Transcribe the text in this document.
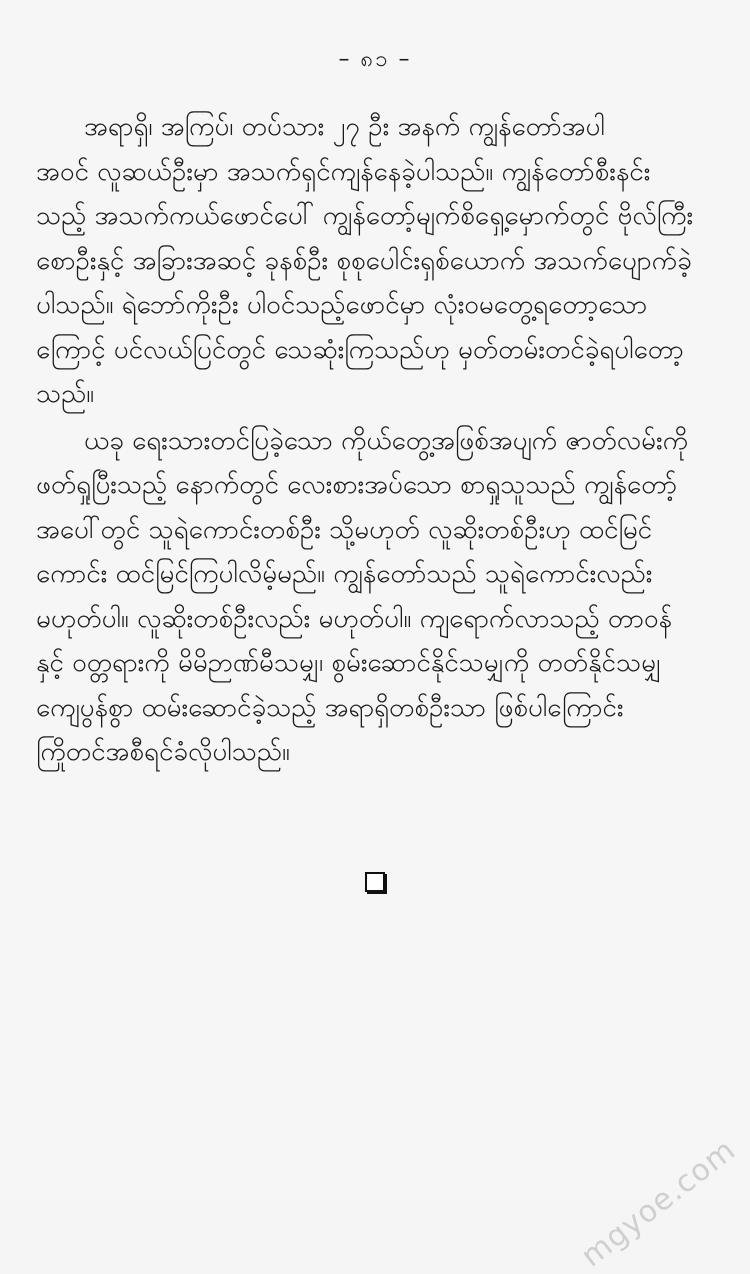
– ၈၁ –
အရာရှိ၊ အကြပ်၊ တပ်သား ၂၇ ဦး အနက် ကျွန်တော်အပါ
အဝင် လူဆယ်ဦးမှာ အသက်ရှင်ကျန်နေခဲ့ပါသည်။ ကျွန်တော်စီးနင်း
သည့် အသက်ကယ်ဖောင်ပေါ် ကျွန်တော့်မျက်စိရှေ့မှောက်တွင် ဗိုလ်ကြီး
စောဦးနှင့် အခြားအဆင့် ခုနစ်ဦး စုစုပေါင်းရှစ်ယောက် အသက်ပျောက်ခဲ့
ပါသည်။ ရဲဘော်ကိုးဦး ပါဝင်သည့်ဖောင်မှာ လုံးဝမတွေ့ရတော့သော
ကြောင့် ပင်လယ်ပြင်တွင် သေဆုံးကြသည်ဟု မှတ်တမ်းတင်ခဲ့ရပါတော့
သည်။
ယခု ရေးသားတင်ပြခဲ့သော ကိုယ်တွေ့အဖြစ်အပျက် ဇာတ်လမ်းကို
ဖတ်ရှုပြီးသည့် နောက်တွင် လေးစားအပ်သော စာရှုသူသည် ကျွန်တော့်
အပေါ်တွင် သူရဲကောင်းတစ်ဦး သို့မဟုတ် လူဆိုးတစ်ဦးဟု ထင်မြင်
ကောင်း ထင်မြင်ကြပါလိမ့်မည်။ ကျွန်တော်သည် သူရဲကောင်းလည်း
မဟုတ်ပါ။ လူဆိုးတစ်ဦးလည်း မဟုတ်ပါ။ ကျရောက်လာသည့် တာဝန်
နှင့် ဝတ္တရားကို မိမိဉာဏ်မီသမျှ၊ စွမ်းဆောင်နိုင်သမျှကို တတ်နိုင်သမျှ
ကျေပွန်စွာ ထမ်းဆောင်ခဲ့သည့် အရာရှိတစ်ဦးသာ ဖြစ်ပါကြောင်း
ကြိုတင်အစီရင်ခံလိုပါသည်။
mgyoe.com
